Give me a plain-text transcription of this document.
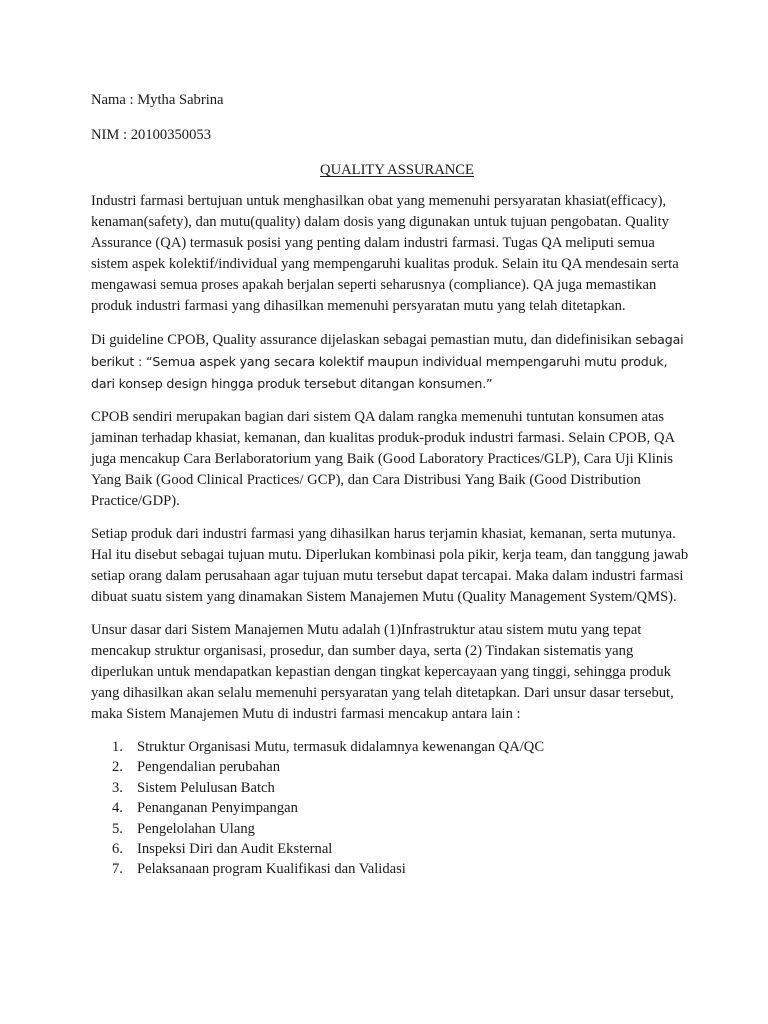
Nama : Mytha Sabrina

NIM : 20100350053

QUALITY ASSURANCE

Industri farmasi bertujuan untuk menghasilkan obat yang memenuhi persyaratan khasiat(efficacy), kenaman(safety), dan mutu(quality) dalam dosis yang digunakan untuk tujuan pengobatan. Quality Assurance (QA) termasuk posisi yang penting dalam industri farmasi. Tugas QA meliputi semua sistem aspek kolektif/individual yang mempengaruhi kualitas produk. Selain itu QA mendesain serta mengawasi semua proses apakah berjalan seperti seharusnya (compliance). QA juga memastikan produk industri farmasi yang dihasilkan memenuhi persyaratan mutu yang telah ditetapkan.

Di guideline CPOB, Quality assurance dijelaskan sebagai pemastian mutu, dan didefinisikan sebagai berikut : “Semua aspek yang secara kolektif maupun individual mempengaruhi mutu produk, dari konsep design hingga produk tersebut ditangan konsumen.”

CPOB sendiri merupakan bagian dari sistem QA dalam rangka memenuhi tuntutan konsumen atas jaminan terhadap khasiat, kemanan, dan kualitas produk-produk industri farmasi. Selain CPOB, QA juga mencakup Cara Berlaboratorium yang Baik (Good Laboratory Practices/GLP), Cara Uji Klinis Yang Baik (Good Clinical Practices/ GCP), dan Cara Distribusi Yang Baik (Good Distribution Practice/GDP).

Setiap produk dari industri farmasi yang dihasilkan harus terjamin khasiat, kemanan, serta mutunya. Hal itu disebut sebagai tujuan mutu. Diperlukan kombinasi pola pikir, kerja team, dan tanggung jawab setiap orang dalam perusahaan agar tujuan mutu tersebut dapat tercapai. Maka dalam industri farmasi dibuat suatu sistem yang dinamakan Sistem Manajemen Mutu (Quality Management System/QMS).

Unsur dasar dari Sistem Manajemen Mutu adalah (1)Infrastruktur atau sistem mutu yang tepat mencakup struktur organisasi, prosedur, dan sumber daya, serta (2) Tindakan sistematis yang diperlukan untuk mendapatkan kepastian dengan tingkat kepercayaan yang tinggi, sehingga produk yang dihasilkan akan selalu memenuhi persyaratan yang telah ditetapkan. Dari unsur dasar tersebut, maka Sistem Manajemen Mutu di industri farmasi mencakup antara lain :

1. Struktur Organisasi Mutu, termasuk didalamnya kewenangan QA/QC
2. Pengendalian perubahan
3. Sistem Pelulusan Batch
4. Penanganan Penyimpangan
5. Pengelolahan Ulang
6. Inspeksi Diri dan Audit Eksternal
7. Pelaksanaan program Kualifikasi dan Validasi
